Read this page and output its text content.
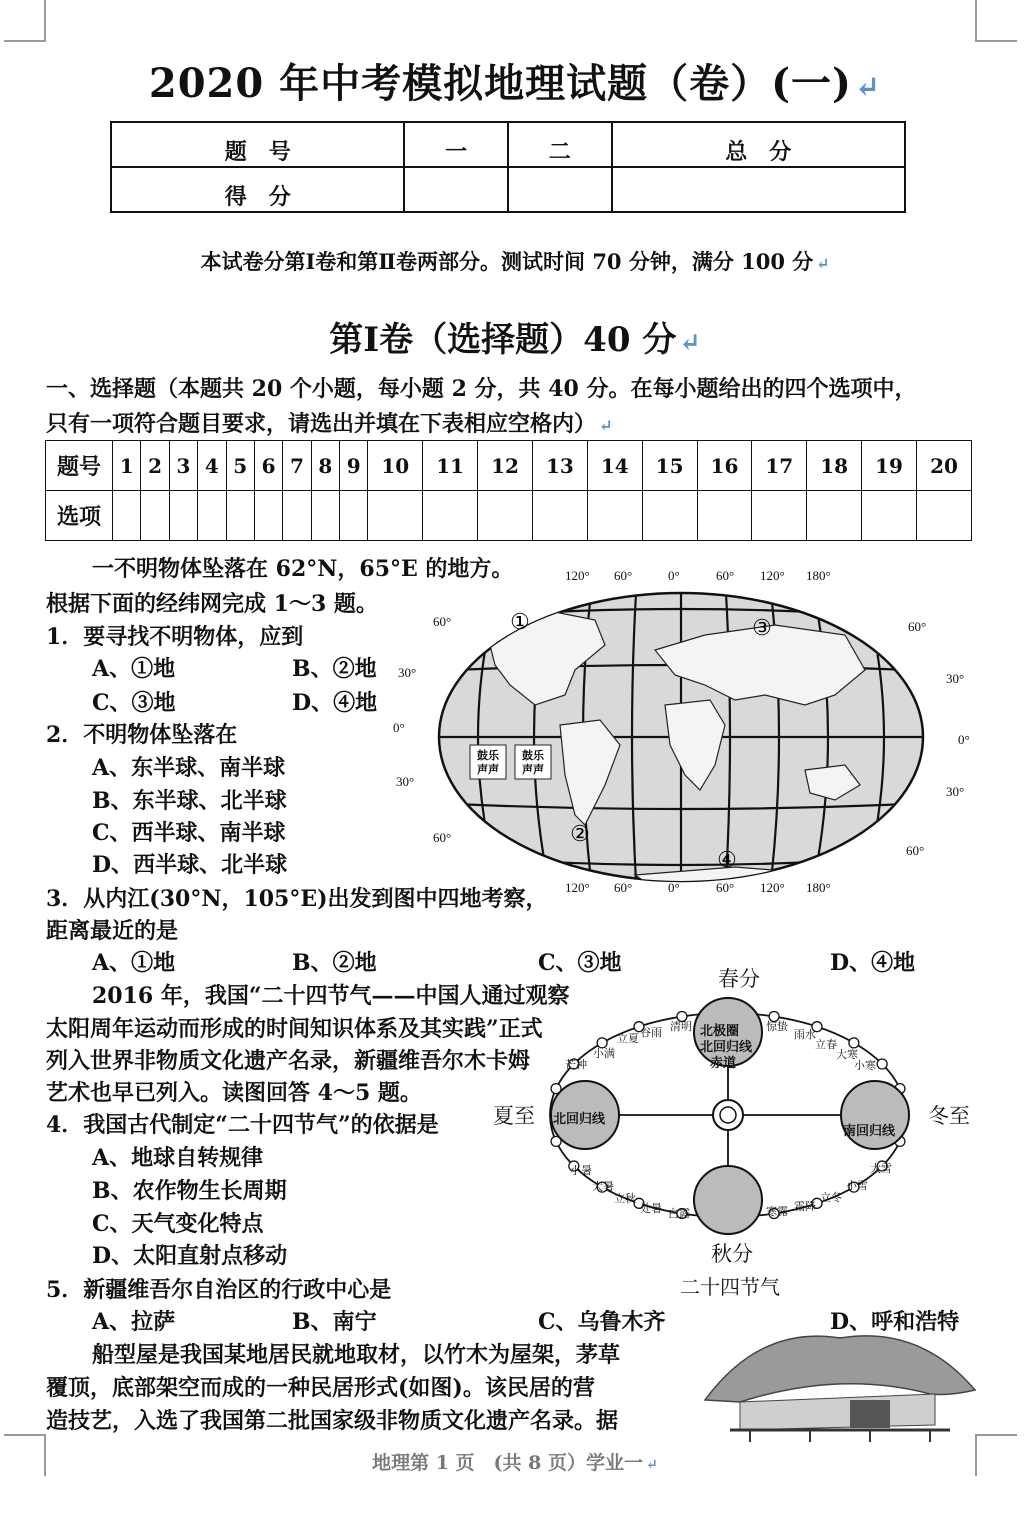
2020 年中考模拟地理试题（卷）(一) ↵
题　号	一	二	总　分
得　分			
本试卷分第Ⅰ卷和第Ⅱ卷两部分。测试时间 70 分钟，满分 100 分 ↵
第Ⅰ卷（选择题）40 分 ↵
一、选择题（本题共 20 个小题，每小题 2 分，共 40 分。在每小题给出的四个选项中，
只有一项符合题目要求，请选出并填在下表相应空格内） ↵
题号	1	2	3	4	5	6	7	8	9	10	11	12	13	14	15	16	17	18	19	20
选项																				
一不明物体坠落在 62°N，65°E 的地方。
根据下面的经纬网完成 1～3 题。
1．要寻找不明物体，应到
A、①地	B、②地
C、③地	D、④地
2．不明物体坠落在
A、东半球、南半球
B、东半球、北半球
C、西半球、南半球
D、西半球、北半球
3．从内江(30°N，105°E)出发到图中四地考察，
距离最近的是
A、①地	B、②地	C、③地	D、④地
①
②
③
④
鼓乐
声声
鼓乐
声声
120° 60°	0°	60° 120° 180°
120° 60°	0°	60° 120° 180°
60°
30°
0°
30°
60°
60°
30°
0°
30°
60°
2016 年，我国“二十四节气——中国人通过观察
太阳周年运动而形成的时间知识体系及其实践”正式
列入世界非物质文化遗产名录，新疆维吾尔木卡姆
艺术也早已列入。读图回答 4～5 题。
4．我国古代制定“二十四节气”的依据是
A、地球自转规律
B、农作物生长周期
C、天气变化特点
D、太阳直射点移动
5．新疆维吾尔自治区的行政中心是
A、拉萨	B、南宁	C、乌鲁木齐	D、呼和浩特
春分
夏至	冬至
秋分
二十四节气
北极圈
北回归线
赤道
北回归线
南回归线
小满
芒种
立夏 谷雨 清明	惊蛰
雨水
立春
大寒
小寒
小暑
大暑
立秋
处暑 白露	寒露 霜降
立冬
小雪
大雪
船型屋是我国某地居民就地取材，以竹木为屋架，茅草
覆顶，底部架空而成的一种民居形式(如图)。该民居的营
造技艺，入选了我国第二批国家级非物质文化遗产名录。据
地理第 1 页　(共 8 页）学业一 ↵
